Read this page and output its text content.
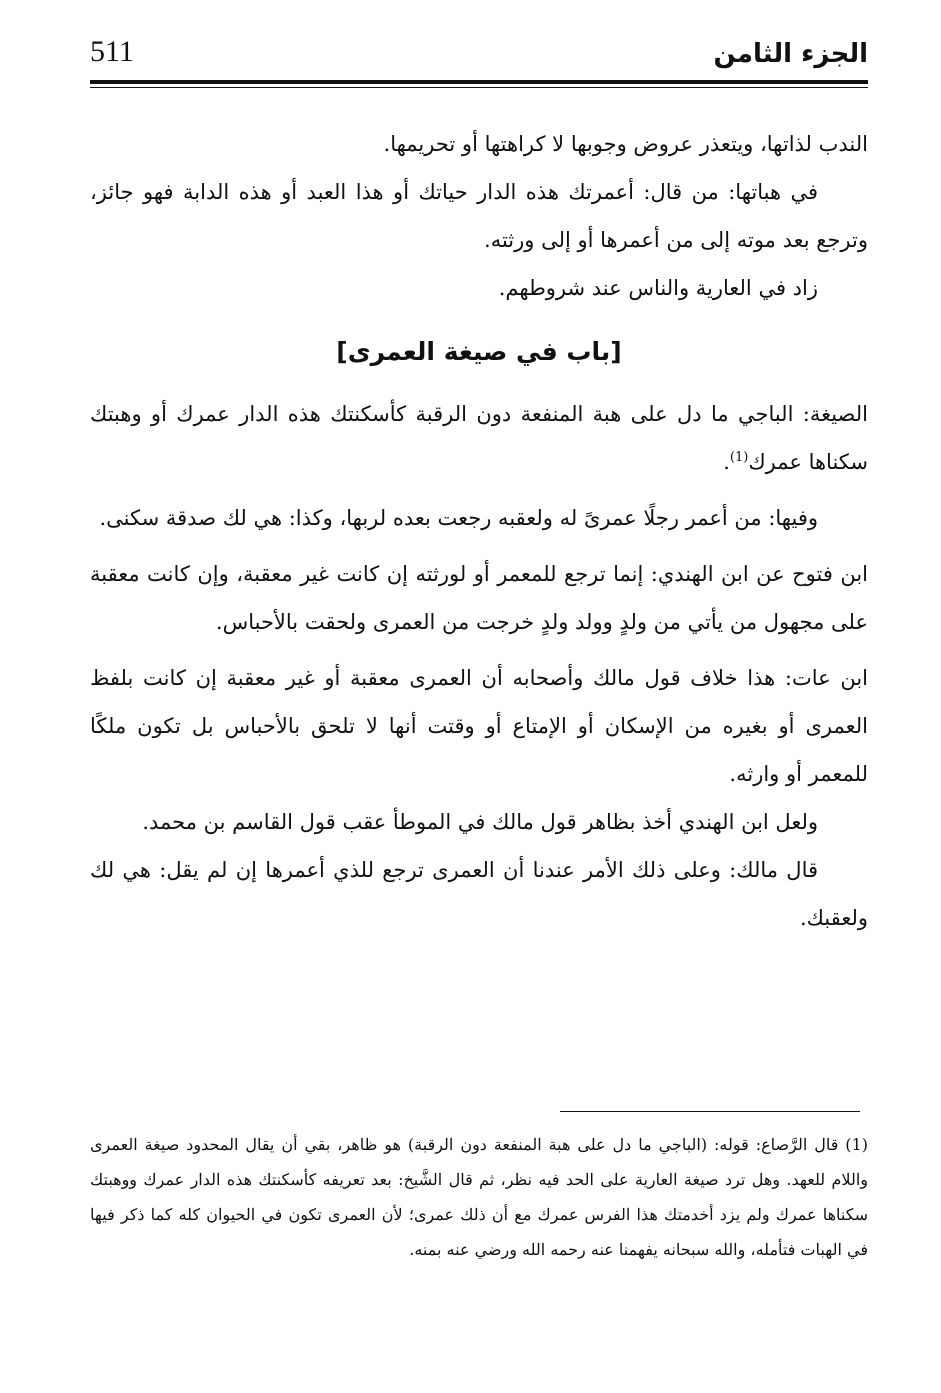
الجزء الثامن
511

الندب لذاتها، ويتعذر عروض وجوبها لا كراهتها أو تحريمها.

في هباتها: من قال: أعمرتك هذه الدار حياتك أو هذا العبد أو هذه الدابة فهو جائز، وترجع بعد موته إلى من أعمرها أو إلى ورثته.

زاد في العارية والناس عند شروطهم.

[باب في صيغة العمرى]

الصيغة: الباجي ما دل على هبة المنفعة دون الرقبة كأسكنتك هذه الدار عمرك أو وهبتك سكناها عمرك$^{(1)}$.

وفيها: من أعمر رجلًا عمرىً له ولعقبه رجعت بعده لربها، وكذا: هي لك صدقة سكنى.

ابن فتوح عن ابن الهندي: إنما ترجع للمعمر أو لورثته إن كانت غير معقبة، وإن كانت معقبة على مجهول من يأتي من ولدٍ وولد ولدٍ خرجت من العمرى ولحقت بالأحباس.

ابن عات: هذا خلاف قول مالك وأصحابه أن العمرى معقبة أو غير معقبة إن كانت بلفظ العمرى أو بغيره من الإسكان أو الإمتاع أو وقتت أنها لا تلحق بالأحباس بل تكون ملكًا للمعمر أو وارثه.

ولعل ابن الهندي أخذ بظاهر قول مالك في الموطأ عقب قول القاسم بن محمد.

قال مالك: وعلى ذلك الأمر عندنا أن العمرى ترجع للذي أعمرها إن لم يقل: هي لك ولعقبك.

(1) قال الرَّصاع: قوله: (الباجي ما دل على هبة المنفعة دون الرقبة) هو ظاهر، بقي أن يقال المحدود صيغة العمرى واللام للعهد. وهل ترد صيغة العارية على الحد فيه نظر، ثم قال الشَّيخ: بعد تعريفه كأسكنتك هذه الدار عمرك ووهبتك سكناها عمرك ولم يزد أخدمتك هذا الفرس عمرك مع أن ذلك عمرى؛ لأن العمرى تكون في الحيوان كله كما ذكر فيها في الهبات فتأمله، والله سبحانه يفهمنا عنه رحمه الله ورضي عنه بمنه.
